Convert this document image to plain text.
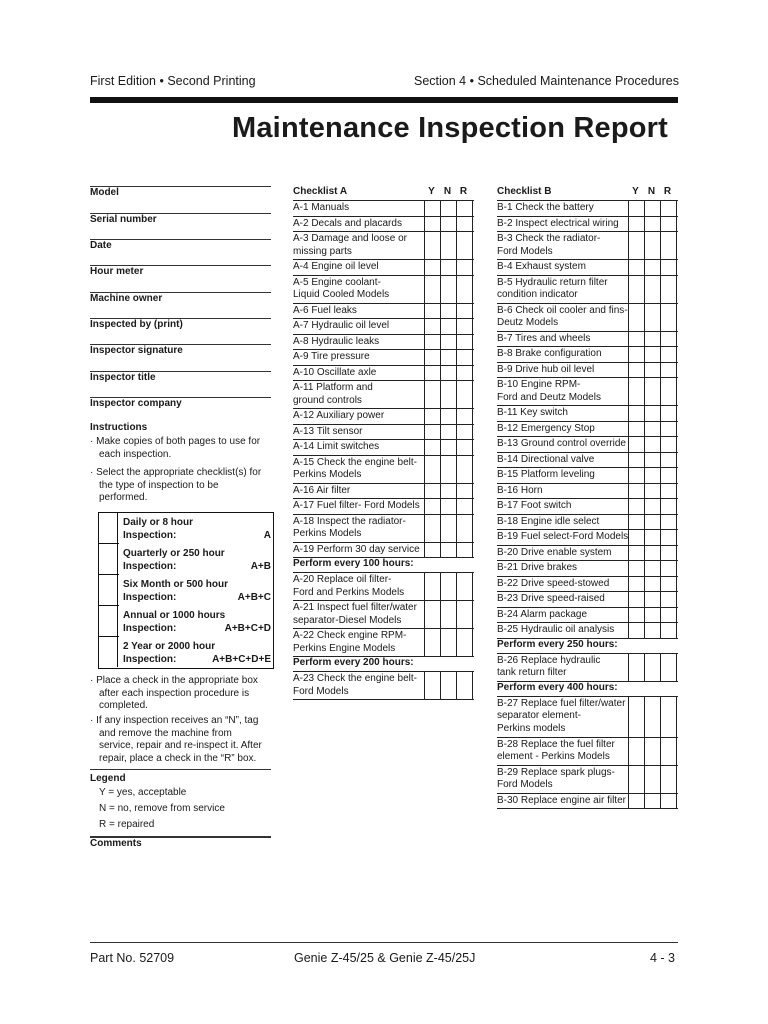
First Edition • Second Printing	Section 4 • Scheduled Maintenance Procedures
Maintenance Inspection Report
Model
Serial number
Date
Hour meter
Machine owner
Inspected by (print)
Inspector signature
Inspector title
Inspector company
Instructions
· Make copies of both pages to use for
each inspection.
· Select the appropriate checklist(s) for
the type of inspection to be
performed.
Daily or 8 hour
Inspection:	A
Quarterly or 250 hour
Inspection:	A+B
Six Month or 500 hour
Inspection:	A+B+C
Annual or 1000 hours
Inspection:	A+B+C+D
2 Year or 2000 hour
Inspection:	A+B+C+D+E
· Place a check in the appropriate box
after each inspection procedure is
completed.
· If any inspection receives an “N”, tag
and remove the machine from
service, repair and re-inspect it. After
repair, place a check in the “R” box.
Legend
Y = yes, acceptable
N = no, remove from service
R = repaired
Comments
Checklist A	Y N R
A-1 Manuals
A-2 Decals and placards
A-3 Damage and loose or
missing parts
A-4 Engine oil level
A-5 Engine coolant-
Liquid Cooled Models
A-6 Fuel leaks
A-7 Hydraulic oil level
A-8 Hydraulic leaks
A-9 Tire pressure
A-10 Oscillate axle
A-11 Platform and
ground controls
A-12 Auxiliary power
A-13 Tilt sensor
A-14 Limit switches
A-15 Check the engine belt-
Perkins Models
A-16 Air filter
A-17 Fuel filter- Ford Models
A-18 Inspect the radiator-
Perkins Models
A-19 Perform 30 day service
Perform every 100 hours:
A-20 Replace oil filter-
Ford and Perkins Models
A-21 Inspect fuel filter/water
separator-Diesel Models
A-22 Check engine RPM-
Perkins Engine Models
Perform every 200 hours:
A-23 Check the engine belt-
Ford Models
Checklist B	Y N R
B-1 Check the battery
B-2 Inspect electrical wiring
B-3 Check the radiator-
Ford Models
B-4 Exhaust system
B-5 Hydraulic return filter
condition indicator
B-6 Check oil cooler and fins-
Deutz Models
B-7 Tires and wheels
B-8 Brake configuration
B-9 Drive hub oil level
B-10 Engine RPM-
Ford and Deutz Models
B-11 Key switch
B-12 Emergency Stop
B-13 Ground control override
B-14 Directional valve
B-15 Platform leveling
B-16 Horn
B-17 Foot switch
B-18 Engine idle select
B-19 Fuel select-Ford Models
B-20 Drive enable system
B-21 Drive brakes
B-22 Drive speed-stowed
B-23 Drive speed-raised
B-24 Alarm package
B-25 Hydraulic oil analysis
Perform every 250 hours:
B-26 Replace hydraulic
tank return filter
Perform every 400 hours:
B-27 Replace fuel filter/water
separator element-
Perkins models
B-28 Replace the fuel filter
element - Perkins Models
B-29 Replace spark plugs-
Ford Models
B-30 Replace engine air filter
Part No. 52709	Genie Z-45/25 & Genie Z-45/25J	4 - 3
